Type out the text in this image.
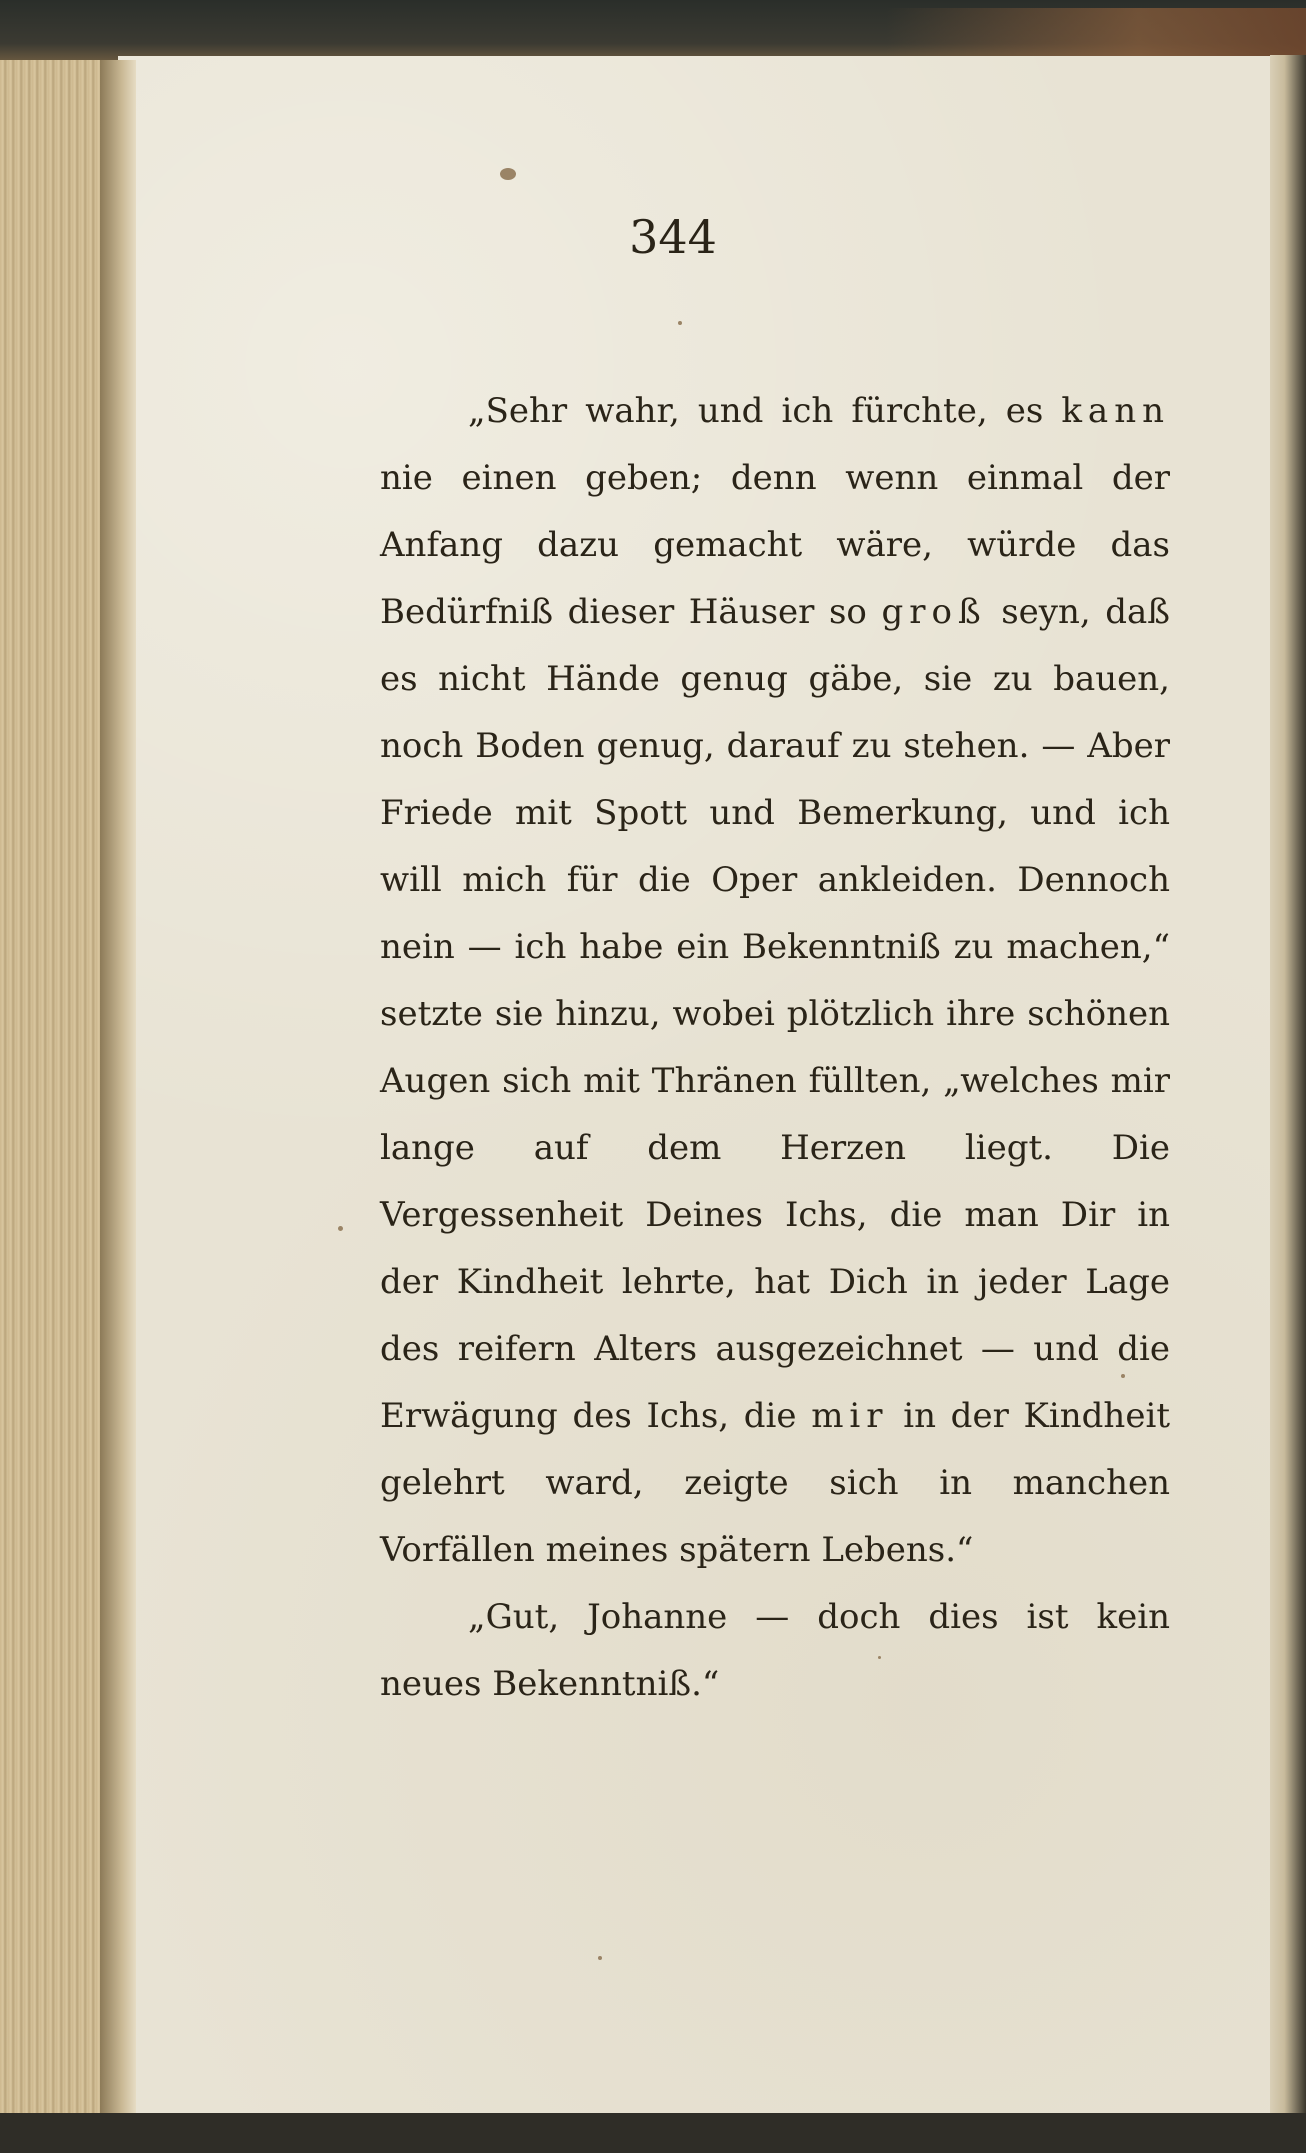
344

„Sehr wahr, und ich fürchte, es kann nie einen geben; denn wenn einmal der Anfang dazu gemacht wäre, würde das Bedürfniß dieser Häuser so groß seyn, daß es nicht Hände genug gäbe, sie zu bauen, noch Boden genug, darauf zu stehen. — Aber Friede mit Spott und Bemerkung, und ich will mich für die Oper ankleiden. Dennoch nein — ich habe ein Bekenntniß zu machen,“ setzte sie hinzu, wobei plötzlich ihre schönen Augen sich mit Thränen füllten, „welches mir lange auf dem Herzen liegt. Die Vergessenheit Deines Ichs, die man Dir in der Kindheit lehrte, hat Dich in jeder Lage des reifern Alters ausgezeichnet — und die Erwägung des Ichs, die mir in der Kindheit gelehrt ward, zeigte sich in manchen Vorfällen meines spätern Lebens.“

„Gut, Johanne — doch dies ist kein neues Bekenntniß.“
